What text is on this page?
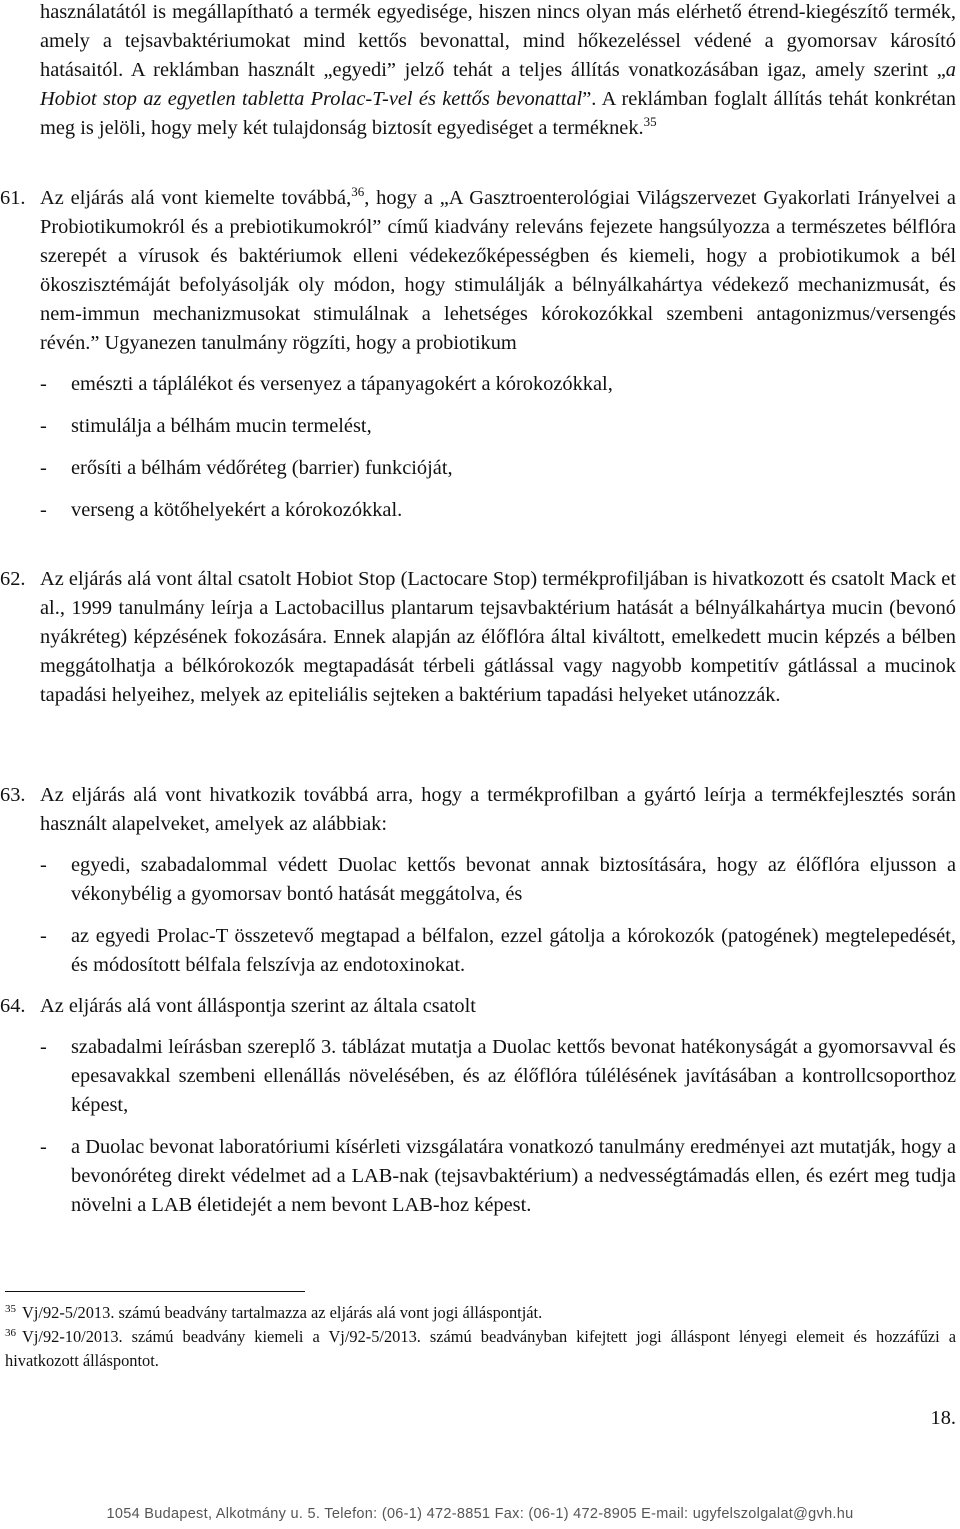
használatától is megállapítható a termék egyedisége, hiszen nincs olyan más elérhető étrend-kiegészítő termék, amely a tejsavbaktériumokat mind kettős bevonattal, mind hőkezeléssel védené a gyomorsav károsító hatásaitól. A reklámban használt „egyedi” jelző tehát a teljes állítás vonatkozásában igaz, amely szerint „a Hobiot stop az egyetlen tabletta Prolac-T-vel és kettős bevonattal”. A reklámban foglalt állítás tehát konkrétan meg is jelöli, hogy mely két tulajdonság biztosít egyediséget a terméknek.$^{35}$

61. Az eljárás alá vont kiemelte továbbá,$^{36}$, hogy a „A Gasztroenterológiai Világszervezet Gyakorlati Irányelvei a Probiotikumokról és a prebiotikumokról” című kiadvány releváns fejezete hangsúlyozza a természetes bélflóra szerepét a vírusok és baktériumok elleni védekezőképességben és kiemeli, hogy a probiotikumok a bél ökoszisztémáját befolyásolják oly módon, hogy stimulálják a bélnyálkahártya védekező mechanizmusát, és nem-immun mechanizmusokat stimulálnak a lehetséges kórokozókkal szembeni antagonizmus/versengés révén.” Ugyanezen tanulmány rögzíti, hogy a probiotikum
-	emészti a táplálékot és versenyez a tápanyagokért a kórokozókkal,
-	stimulálja a bélhám mucin termelést,
-	erősíti a bélhám védőréteg (barrier) funkcióját,
-	verseng a kötőhelyekért a kórokozókkal.
62. Az eljárás alá vont által csatolt Hobiot Stop (Lactocare Stop) termékprofiljában is hivatkozott és csatolt Mack et al., 1999 tanulmány leírja a Lactobacillus plantarum tejsavbaktérium hatását a bélnyálkahártya mucin (bevonó nyákréteg) képzésének fokozására. Ennek alapján az élőflóra által kiváltott, emelkedett mucin képzés a bélben meggátolhatja a bélkórokozók megtapadását térbeli gátlással vagy nagyobb kompetitív gátlással a mucinok tapadási helyeihez, melyek az epiteliális sejteken a baktérium tapadási helyeket utánozzák.
63. Az eljárás alá vont hivatkozik továbbá arra, hogy a termékprofilban a gyártó leírja a termékfejlesztés során használt alapelveket, amelyek az alábbiak:
-	egyedi, szabadalommal védett Duolac kettős bevonat annak biztosítására, hogy az élőflóra eljusson a vékonybélig a gyomorsav bontó hatását meggátolva, és
-	az egyedi Prolac-T összetevő megtapad a bélfalon, ezzel gátolja a kórokozók (patogének) megtelepedését, és módosított bélfala felszívja az endotoxinokat.
64. Az eljárás alá vont álláspontja szerint az általa csatolt
-	szabadalmi leírásban szereplő 3. táblázat mutatja a Duolac kettős bevonat hatékonyságát a gyomorsavval és epesavakkal szembeni ellenállás növelésében, és az élőflóra túlélésének javításában a kontrollcsoporthoz képest,
-	a Duolac bevonat laboratóriumi kísérleti vizsgálatára vonatkozó tanulmány eredményei azt mutatják, hogy a bevonóréteg direkt védelmet ad a LAB-nak (tejsavbaktérium) a nedvességtámadás ellen, és ezért meg tudja növelni a LAB életidejét a nem bevont LAB-hoz képest.

$^{35}$ Vj/92-5/2013. számú beadvány tartalmazza az eljárás alá vont jogi álláspontját.

$^{36}$ Vj/92-10/2013. számú beadvány kiemeli a Vj/92-5/2013. számú beadványban kifejtett jogi álláspont lényegi elemeit és hozzáfűzi a hivatkozott álláspontot.

18.
1054 Budapest, Alkotmány u. 5. Telefon: (06-1) 472-8851 Fax: (06-1) 472-8905 E-mail: ugyfelszolgalat@gvh.hu
